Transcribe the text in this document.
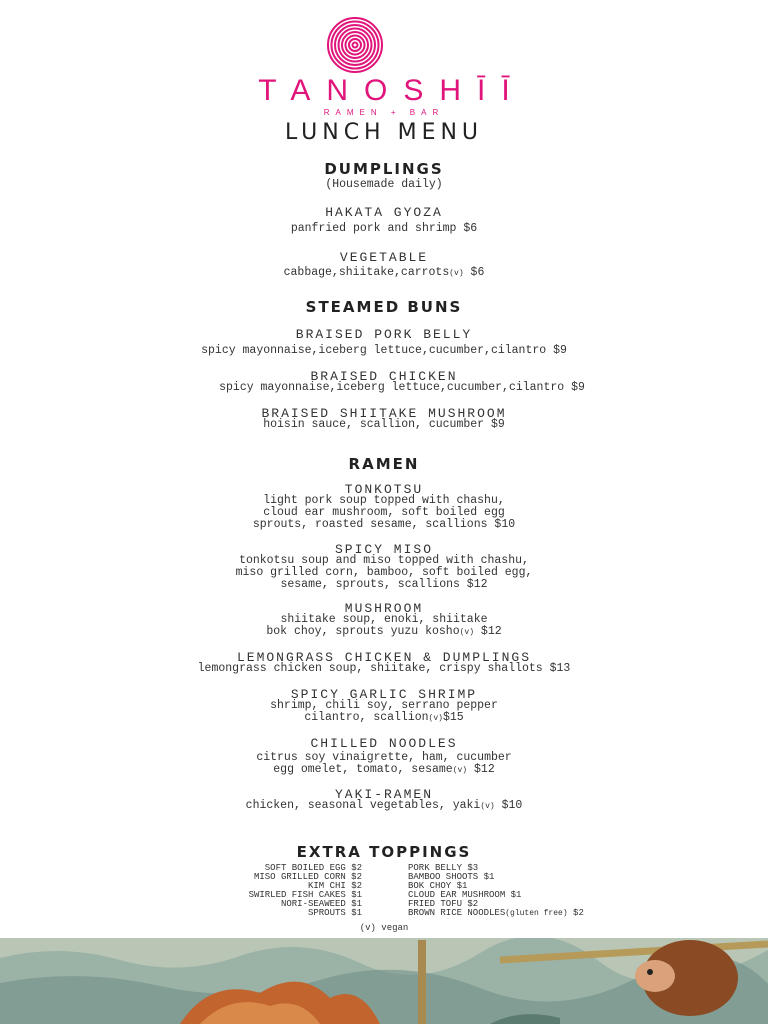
TANOSHĪĪ
RAMEN + BAR
LUNCH MENU
DUMPLINGS
(Housemade daily)
HAKATA GYOZA
panfried pork and shrimp $6
VEGETABLE
cabbage,shiitake,carrots(v) $6
STEAMED BUNS
BRAISED PORK BELLY
spicy mayonnaise,iceberg lettuce,cucumber,cilantro $9
BRAISED CHICKEN
spicy mayonnaise,iceberg lettuce,cucumber,cilantro $9
BRAISED SHIITAKE MUSHROOM
hoisin sauce, scallion, cucumber $9
RAMEN
TONKOTSU
light pork soup topped with chashu,
cloud ear mushroom, soft boiled egg
sprouts, roasted sesame, scallions $10
SPICY MISO
tonkotsu soup and miso topped with chashu,
miso grilled corn, bamboo, soft boiled egg,
sesame, sprouts, scallions $12
MUSHROOM
shiitake soup, enoki, shiitake
bok choy, sprouts yuzu kosho(v) $12
LEMONGRASS CHICKEN & DUMPLINGS
lemongrass chicken soup, shiitake, crispy shallots $13
SPICY GARLIC SHRIMP
shrimp, chili soy, serrano pepper
cilantro, scallion(v)$15
CHILLED NOODLES
citrus soy vinaigrette, ham, cucumber
egg omelet, tomato, sesame(v) $12
YAKI-RAMEN
chicken, seasonal vegetables, yaki(v) $10
EXTRA TOPPINGS
SOFT BOILED EGG $2
MISO GRILLED CORN $2
KIM CHI $2
SWIRLED FISH CAKES $1
NORI-SEAWEED $1
SPROUTS $1
PORK BELLY $3
BAMBOO SHOOTS $1
BOK CHOY $1
CLOUD EAR MUSHROOM $1
FRIED TOFU $2
BROWN RICE NOODLES(gluten free) $2
(v) vegan
